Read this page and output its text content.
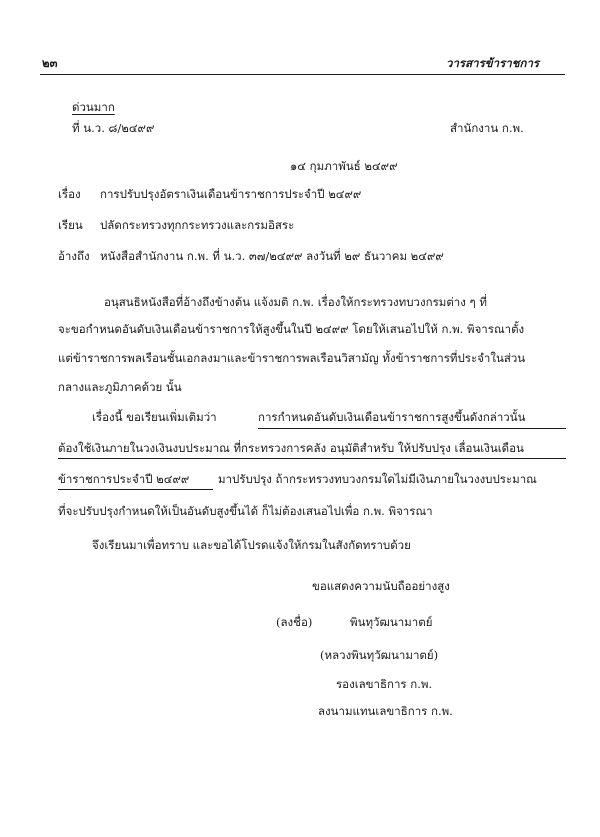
๒๓	วารสารข้าราชการ
ด่วนมาก
ที่ น.ว. ๘/๒๔๙๙	สำนักงาน ก.พ.
๑๔ กุมภาพันธ์ ๒๔๙๙
เรื่อง การปรับปรุงอัตราเงินเดือนข้าราชการประจำปี ๒๔๙๙
เรียน ปลัดกระทรวงทุกกระทรวงและกรมอิสระ
อ้างถึง หนังสือสำนักงาน ก.พ. ที่ น.ว. ๓๗/๒๔๙๙ ลงวันที่ ๒๙ ธันวาคม ๒๔๙๙
อนุสนธิหนังสือที่อ้างถึงข้างต้น แจ้งมติ ก.พ. เรื่องให้กระทรวงทบวงกรมต่าง ๆ ที่
จะขอกำหนดอันดับเงินเดือนข้าราชการให้สูงขึ้นในปี ๒๔๙๙ โดยให้เสนอไปให้ ก.พ. พิจารณาตั้ง
แต่ข้าราชการพลเรือนชั้นเอกลงมาและข้าราชการพลเรือนวิสามัญ ทั้งข้าราชการที่ประจำในส่วน
กลางและภูมิภาคด้วย นั้น
เรื่องนี้ ขอเรียนเพิ่มเติมว่า	การกำหนดอันดับเงินเดือนข้าราชการสูงขึ้นดังกล่าวนั้น
ต้องใช้เงินภายในวงเงินงบประมาณ ที่กระทรวงการคลัง อนุมัติสำหรับ ให้ปรับปรุง เลื่อนเงินเดือน
ข้าราชการประจำปี ๒๔๙๙ มาปรับปรุง ถ้ากระทรวงทบวงกรมใดไม่มีเงินภายในวงงบประมาณ
ที่จะปรับปรุงกำหนดให้เป็นอันดับสูงขึ้นได้ ก็ไม่ต้องเสนอไปเพื่อ ก.พ. พิจารณา
จึงเรียนมาเพื่อทราบ และขอได้โปรดแจ้งให้กรมในสังกัดทราบด้วย
ขอแสดงความนับถืออย่างสูง
(ลงชื่อ)	พินทุวัฒนามาตย์
(หลวงพินทุวัฒนามาตย์)
รองเลขาธิการ ก.พ.
ลงนามแทนเลขาธิการ ก.พ.
